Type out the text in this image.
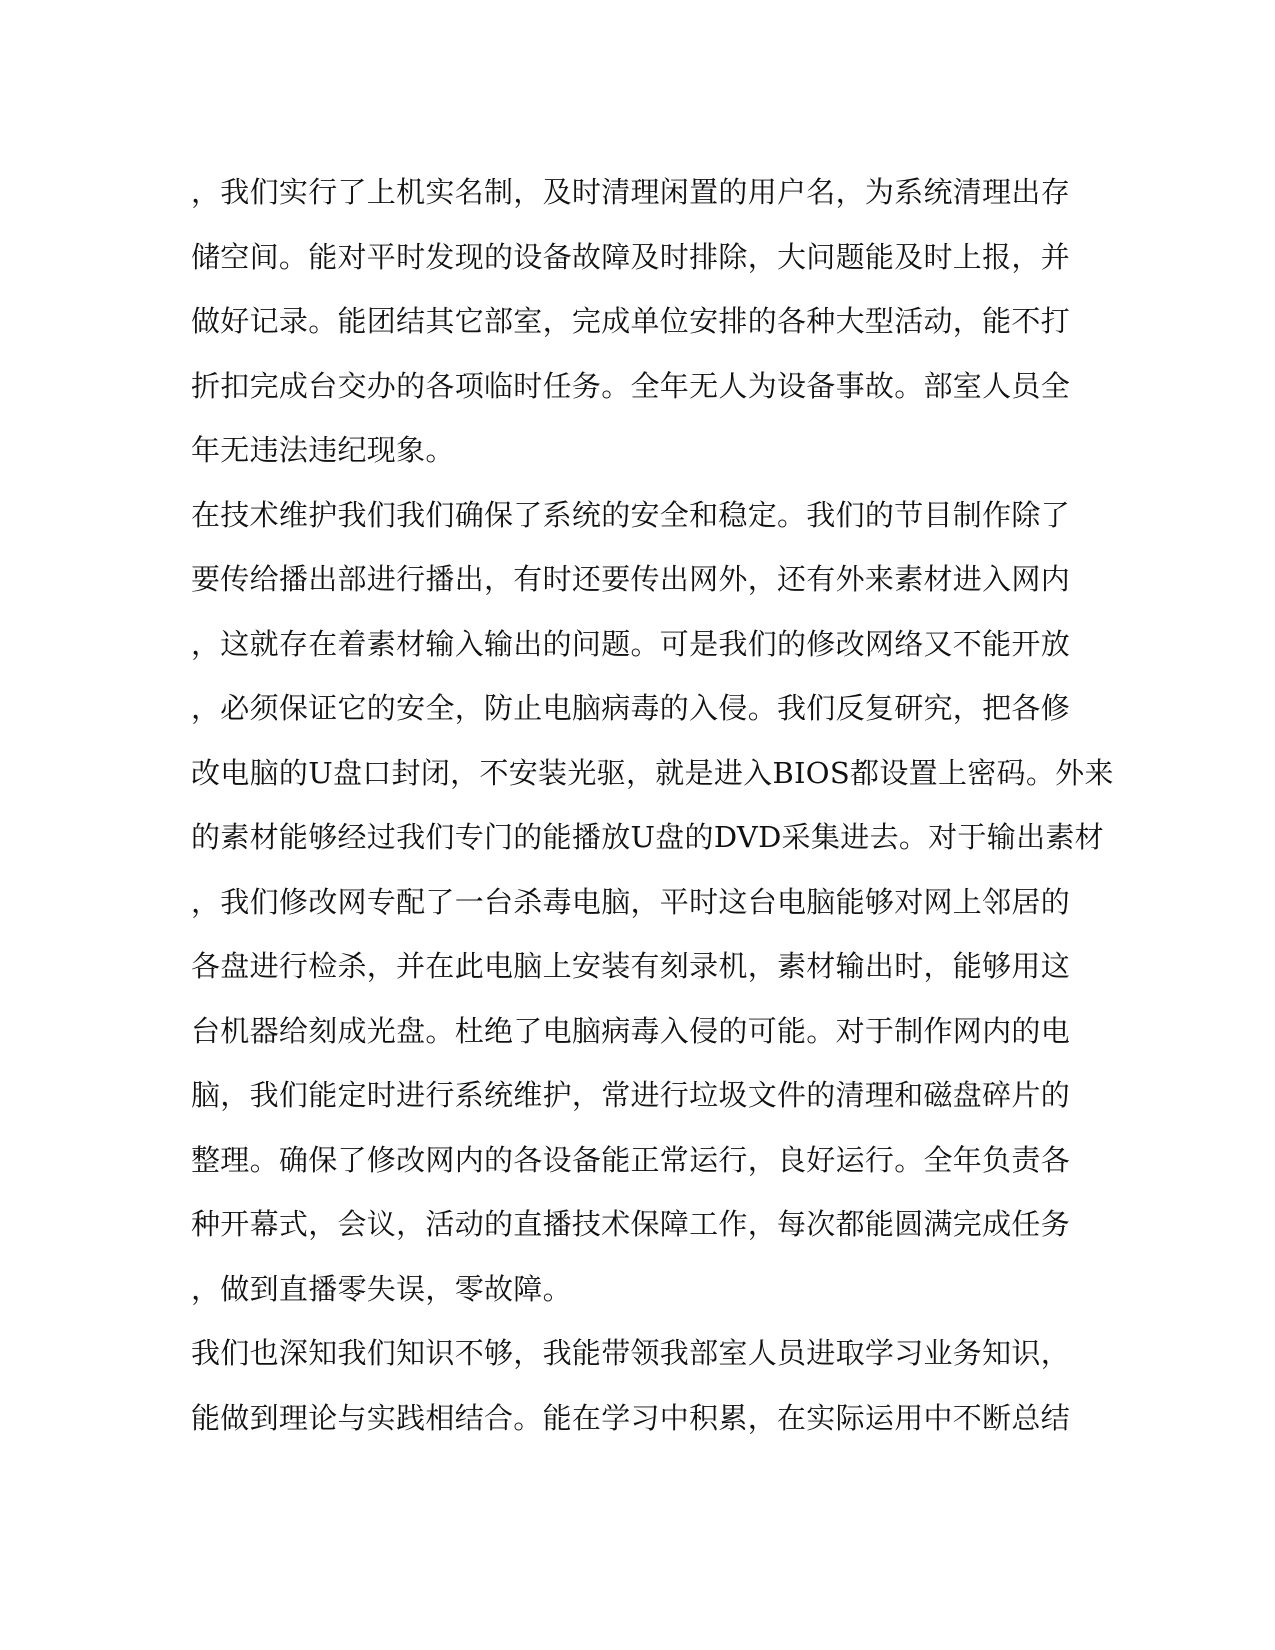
，我们实行了上机实名制，及时清理闲置的用户名，为系统清理出存
储空间。能对平时发现的设备故障及时排除，大问题能及时上报，并
做好记录。能团结其它部室，完成单位安排的各种大型活动，能不打
折扣完成台交办的各项临时任务。全年无人为设备事故。部室人员全
年无违法违纪现象。
在技术维护我们我们确保了系统的安全和稳定。我们的节目制作除了
要传给播出部进行播出，有时还要传出网外，还有外来素材进入网内
，这就存在着素材输入输出的问题。可是我们的修改网络又不能开放
，必须保证它的安全，防止电脑病毒的入侵。我们反复研究，把各修
改电脑的U盘口封闭，不安装光驱，就是进入BIOS都设置上密码。外来
的素材能够经过我们专门的能播放U盘的DVD采集进去。对于输出素材
，我们修改网专配了一台杀毒电脑，平时这台电脑能够对网上邻居的
各盘进行检杀，并在此电脑上安装有刻录机，素材输出时，能够用这
台机器给刻成光盘。杜绝了电脑病毒入侵的可能。对于制作网内的电
脑，我们能定时进行系统维护，常进行垃圾文件的清理和磁盘碎片的
整理。确保了修改网内的各设备能正常运行，良好运行。全年负责各
种开幕式，会议，活动的直播技术保障工作，每次都能圆满完成任务
，做到直播零失误，零故障。
我们也深知我们知识不够，我能带领我部室人员进取学习业务知识，
能做到理论与实践相结合。能在学习中积累，在实际运用中不断总结
